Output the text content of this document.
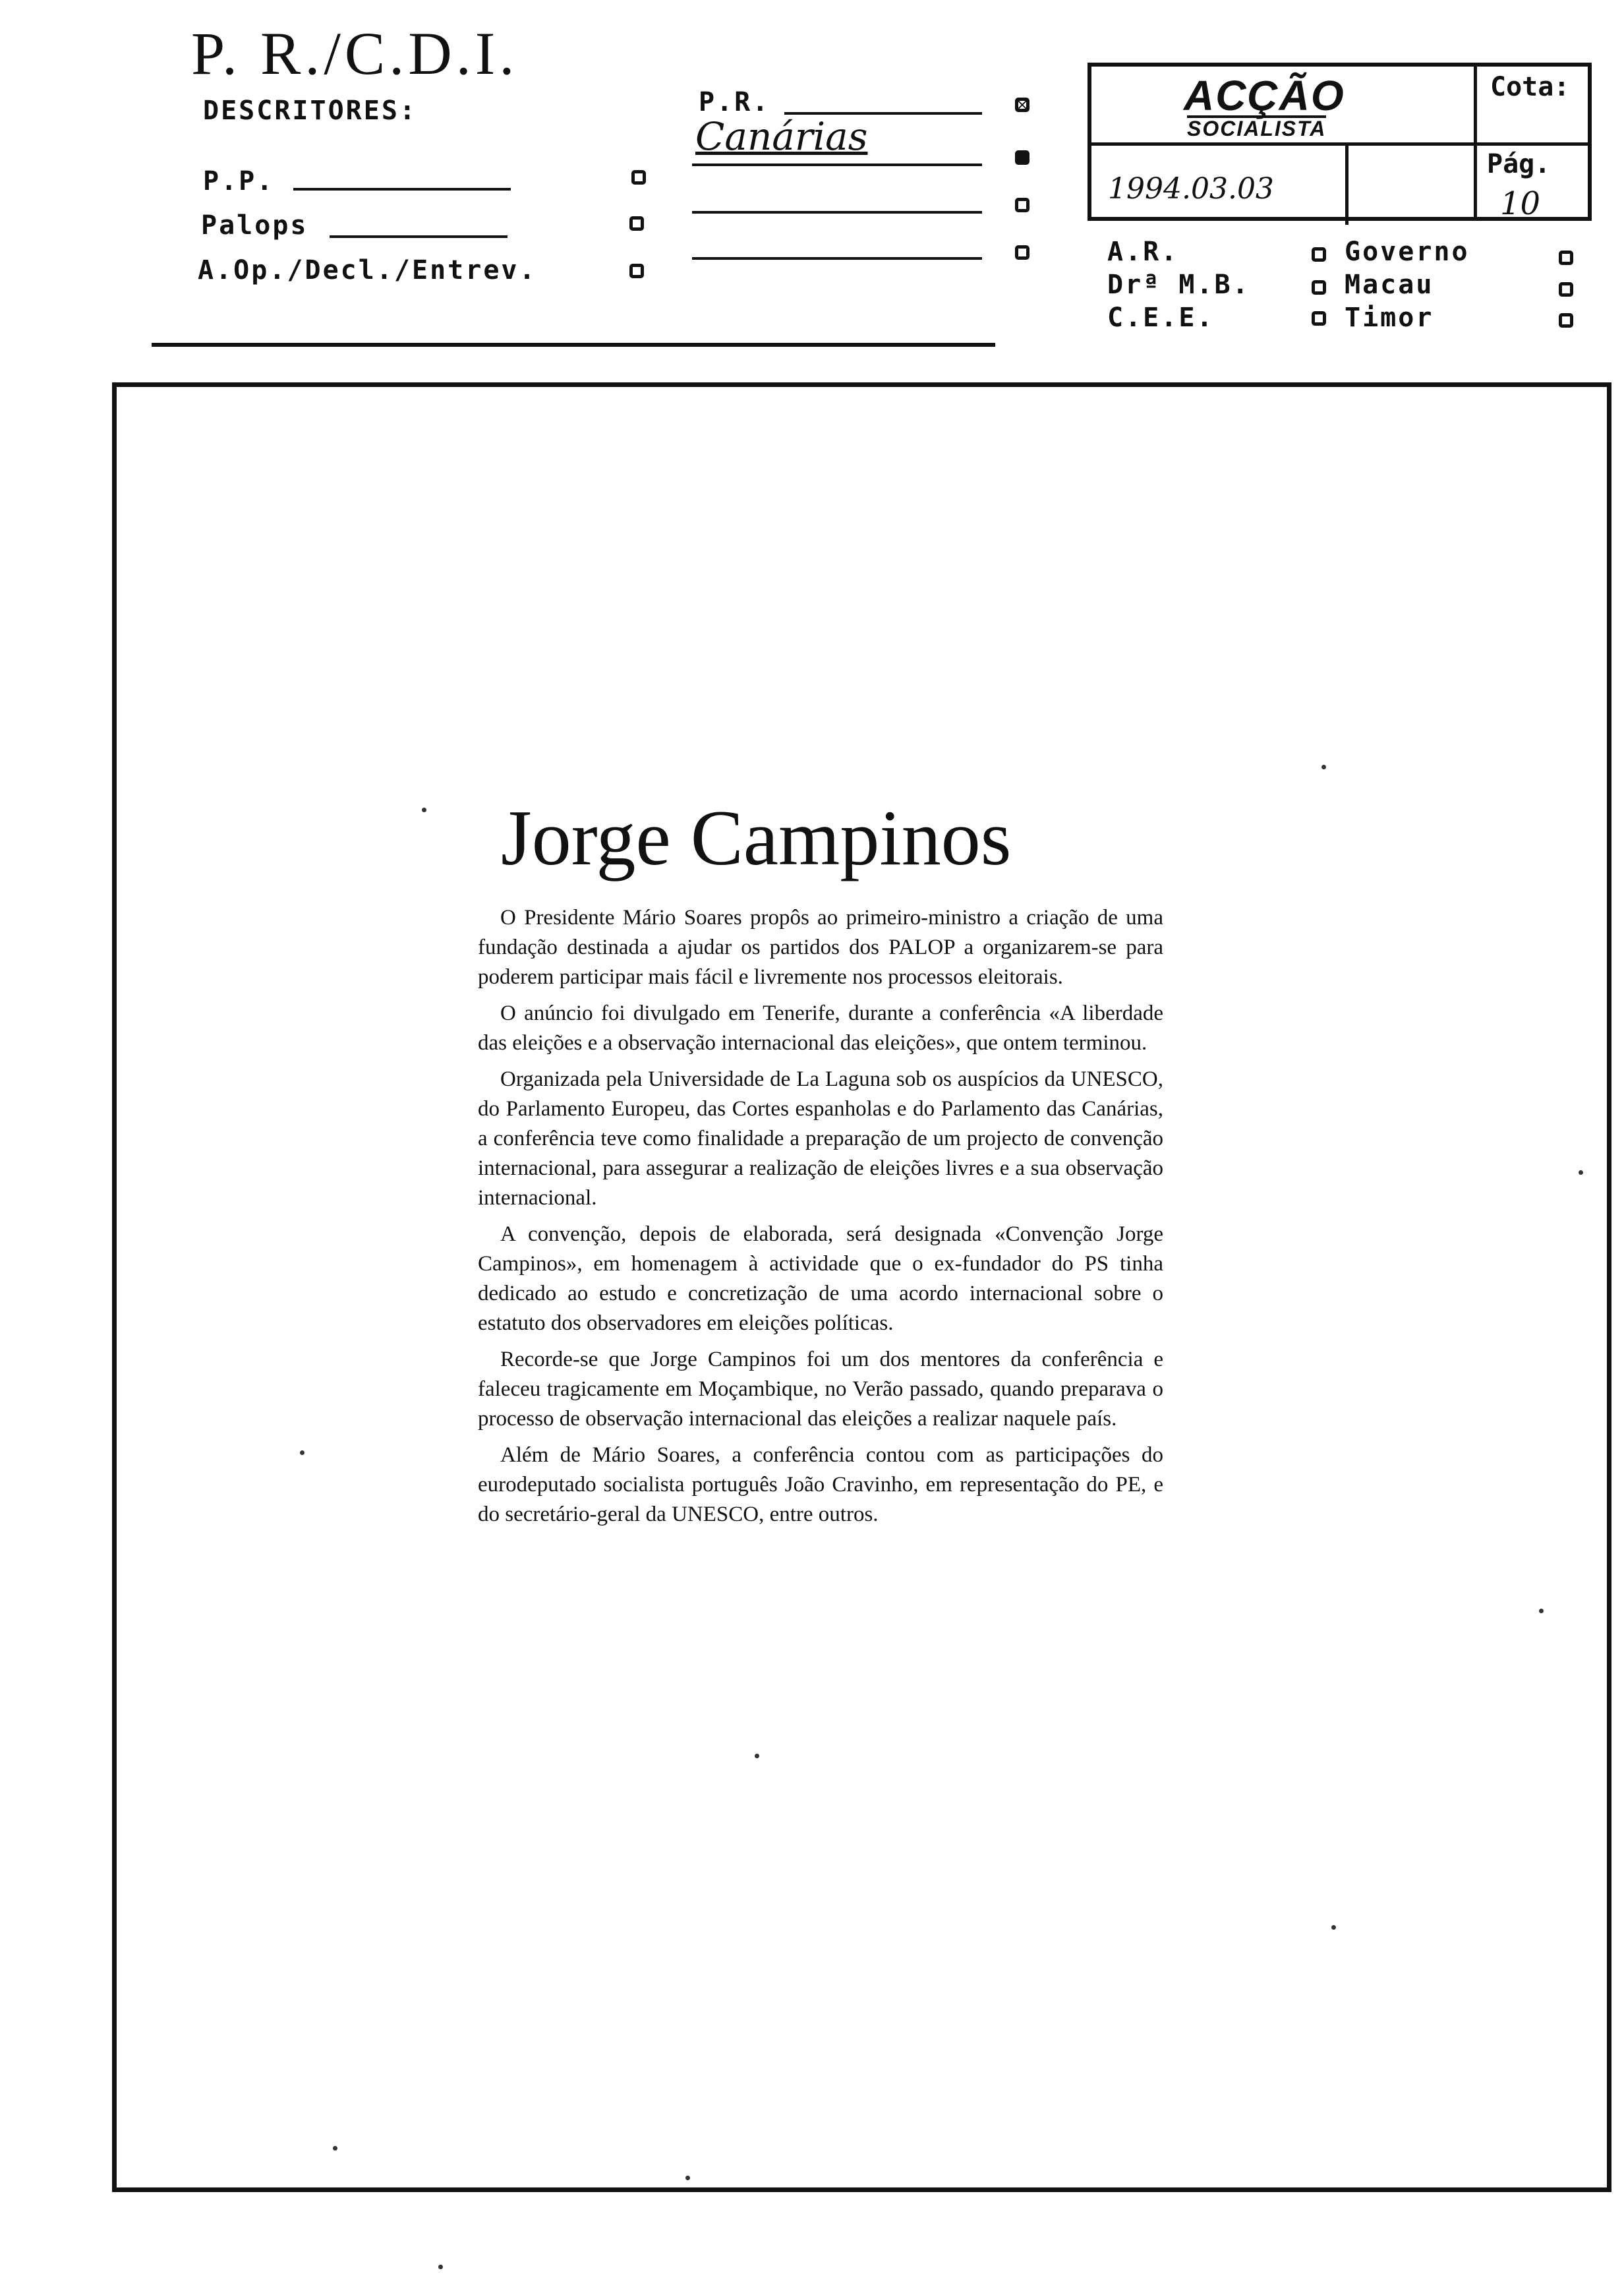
P. R./C.D.I.
DESCRITORES:
P.P.
Palops
A.Op./Decl./Entrev.
P.R.
Canárias
ACÇÃO
SOCIALISTA
Cota:
Pág.
10
1994.03.03
A.R.
Drª M.B.
C.E.E.
Governo
Macau
Timor
Jorge Campinos

O Presidente Mário Soares propôs ao primeiro-ministro a criação de uma fundação destinada a ajudar os partidos dos PALOP a organizarem-se para poderem participar mais fácil e livremente nos processos eleitorais.

O anúncio foi divulgado em Tenerife, durante a conferência «A liberdade das eleições e a observação internacional das eleições», que ontem terminou.

Organizada pela Universidade de La Laguna sob os auspícios da UNESCO, do Parlamento Europeu, das Cortes espanholas e do Parlamento das Canárias, a conferência teve como finalidade a preparação de um projecto de convenção internacional, para assegurar a realização de eleições livres e a sua observação internacional.

A convenção, depois de elaborada, será designada «Convenção Jorge Campinos», em homenagem à actividade que o ex-fundador do PS tinha dedicado ao estudo e concretização de uma acordo internacional sobre o estatuto dos observadores em eleições políticas.

Recorde-se que Jorge Campinos foi um dos mentores da conferência e faleceu tragicamente em Moçambique, no Verão passado, quando preparava o processo de observação internacional das eleições a realizar naquele país.

Além de Mário Soares, a conferência contou com as participações do eurodeputado socialista português João Cravinho, em representação do PE, e do secretário-geral da UNESCO, entre outros.
